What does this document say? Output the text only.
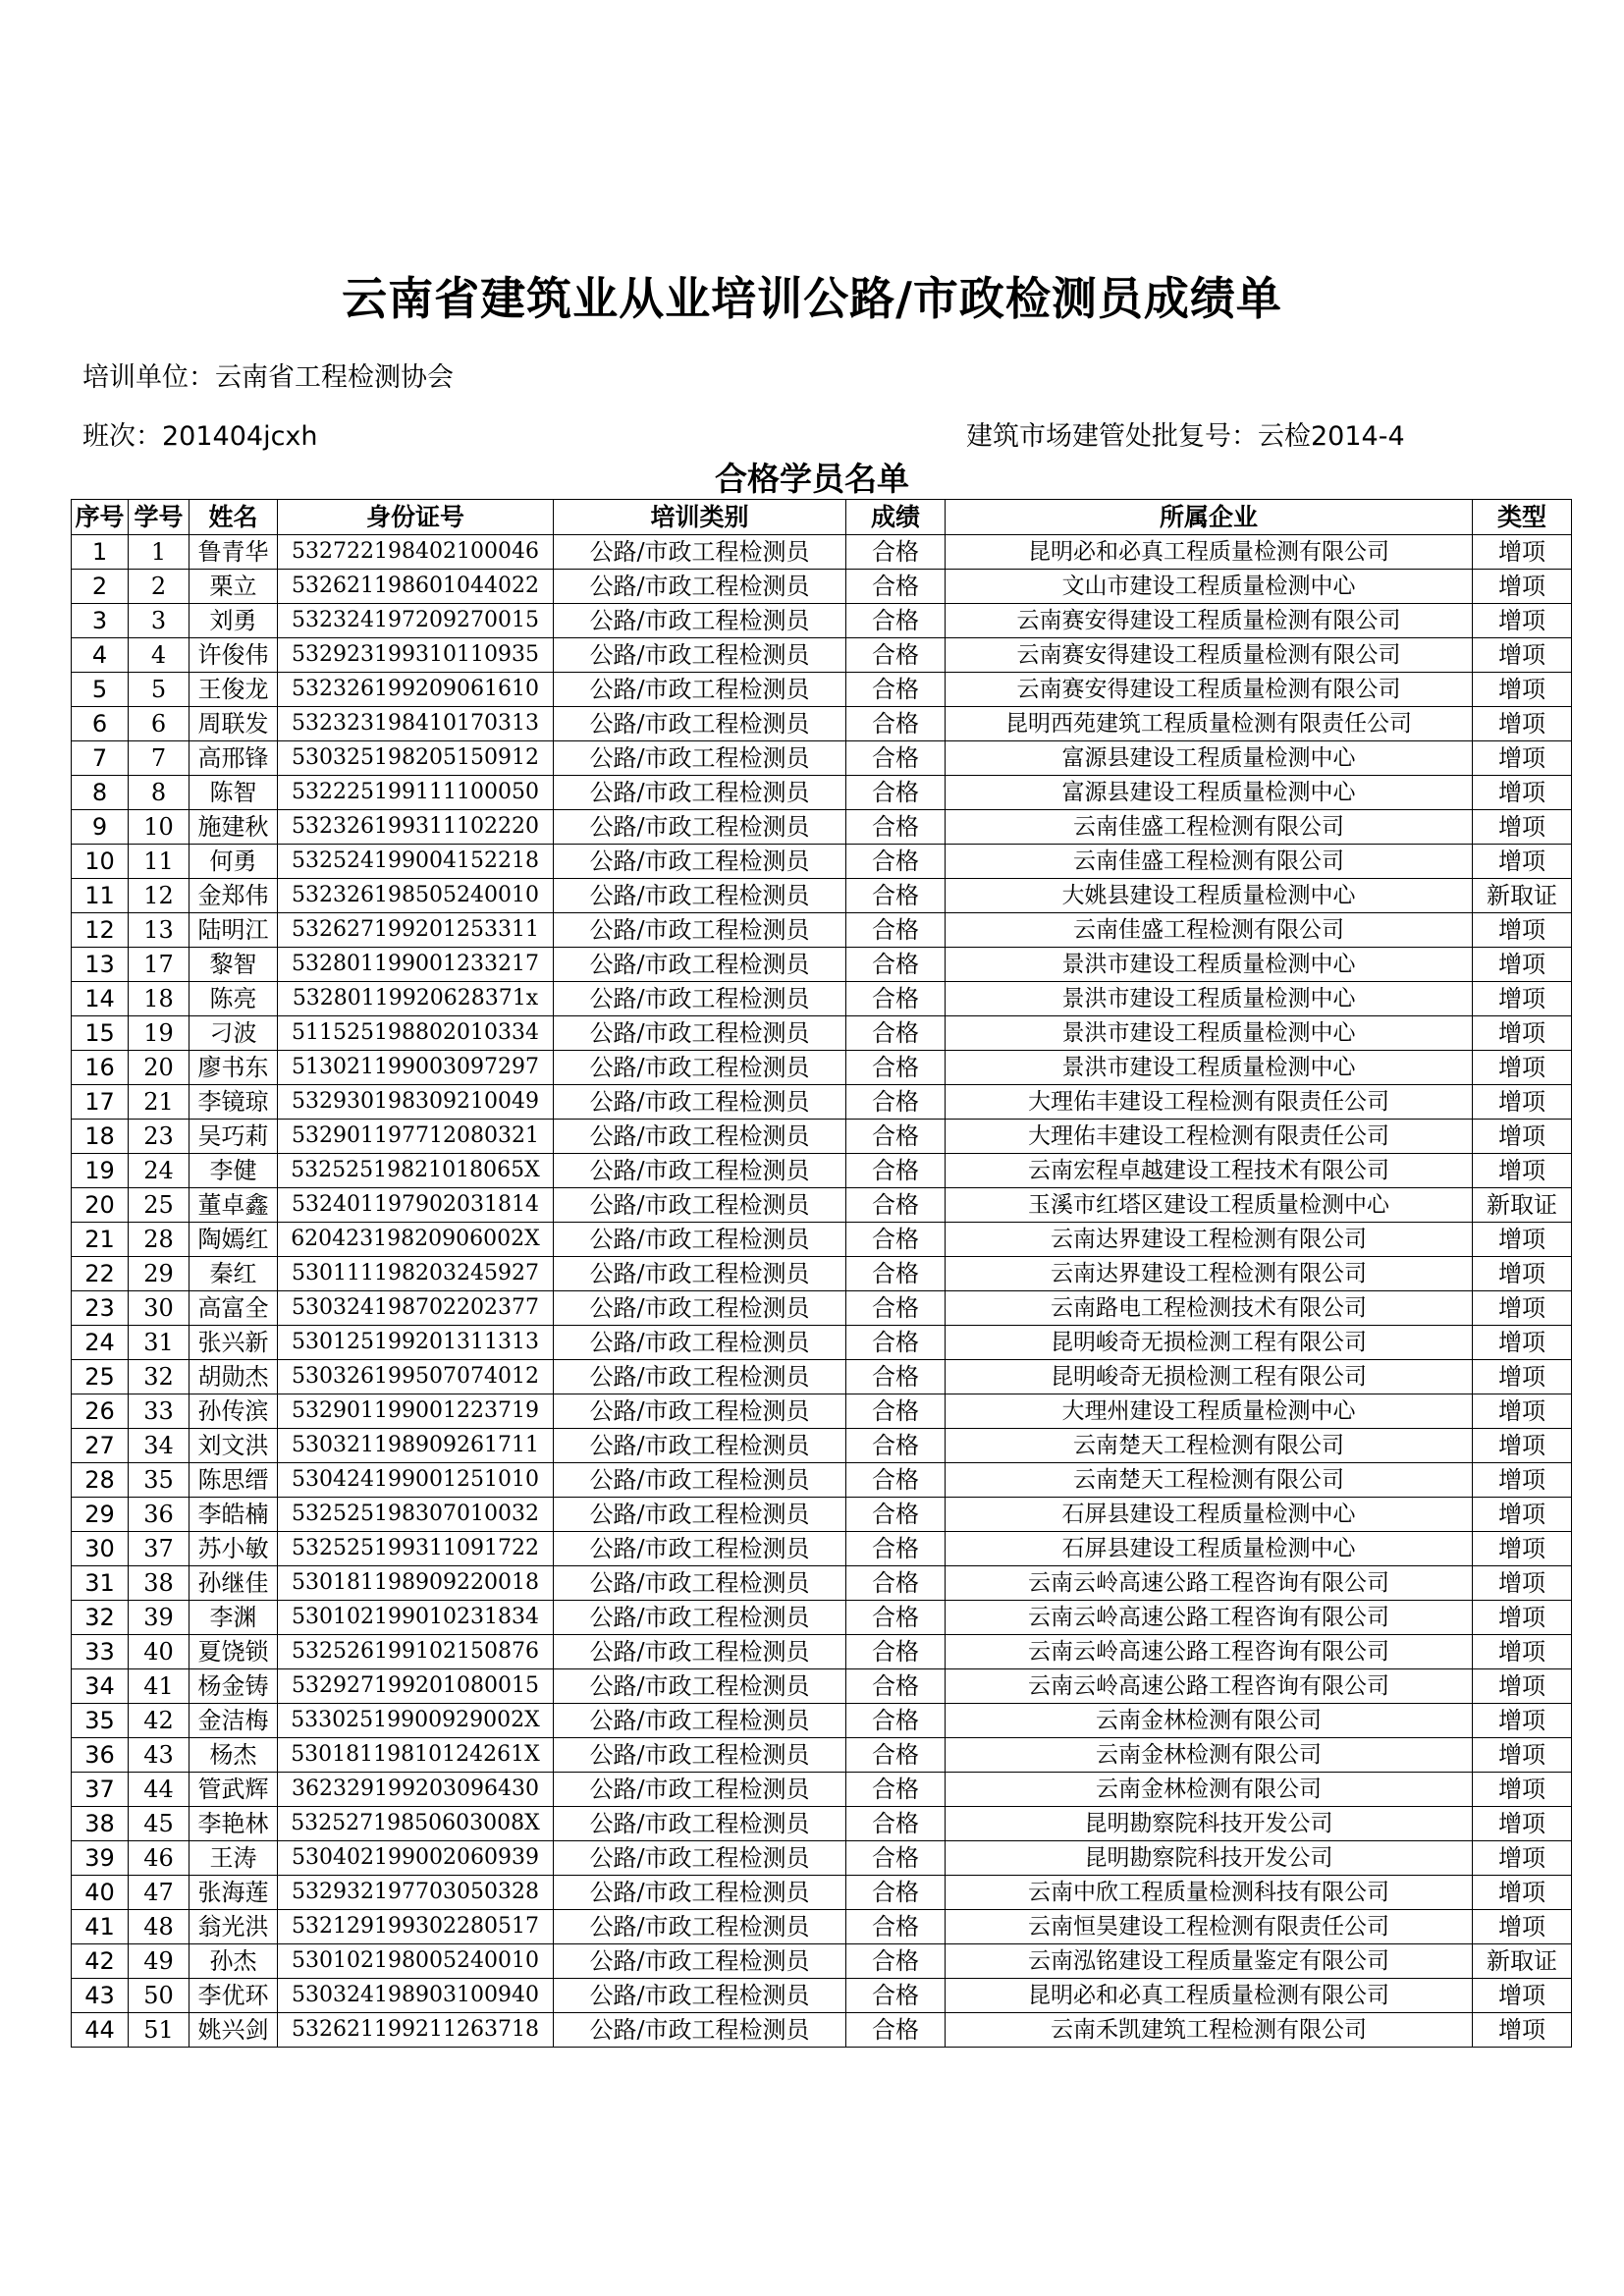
云南省建筑业从业培训公路/市政检测员成绩单
培训单位：云南省工程检测协会
班次：201404jcxh	建筑市场建管处批复号：云检2014-4
合格学员名单
序号	学号	姓名	身份证号	培训类别	成绩	所属企业	类型
1	1	鲁青华	532722198402100046	公路/市政工程检测员	合格	昆明必和必真工程质量检测有限公司	增项
2	2	栗立	532621198601044022	公路/市政工程检测员	合格	文山市建设工程质量检测中心	增项
3	3	刘勇	532324197209270015	公路/市政工程检测员	合格	云南赛安得建设工程质量检测有限公司	增项
4	4	许俊伟	532923199310110935	公路/市政工程检测员	合格	云南赛安得建设工程质量检测有限公司	增项
5	5	王俊龙	532326199209061610	公路/市政工程检测员	合格	云南赛安得建设工程质量检测有限公司	增项
6	6	周联发	532323198410170313	公路/市政工程检测员	合格	昆明西苑建筑工程质量检测有限责任公司	增项
7	7	高邢锋	530325198205150912	公路/市政工程检测员	合格	富源县建设工程质量检测中心	增项
8	8	陈智	532225199111100050	公路/市政工程检测员	合格	富源县建设工程质量检测中心	增项
9	10	施建秋	532326199311102220	公路/市政工程检测员	合格	云南佳盛工程检测有限公司	增项
10	11	何勇	532524199004152218	公路/市政工程检测员	合格	云南佳盛工程检测有限公司	增项
11	12	金郑伟	532326198505240010	公路/市政工程检测员	合格	大姚县建设工程质量检测中心	新取证
12	13	陆明江	532627199201253311	公路/市政工程检测员	合格	云南佳盛工程检测有限公司	增项
13	17	黎智	532801199001233217	公路/市政工程检测员	合格	景洪市建设工程质量检测中心	增项
14	18	陈亮	53280119920628371x	公路/市政工程检测员	合格	景洪市建设工程质量检测中心	增项
15	19	刁波	511525198802010334	公路/市政工程检测员	合格	景洪市建设工程质量检测中心	增项
16	20	廖书东	513021199003097297	公路/市政工程检测员	合格	景洪市建设工程质量检测中心	增项
17	21	李镜琼	532930198309210049	公路/市政工程检测员	合格	大理佑丰建设工程检测有限责任公司	增项
18	23	吴巧莉	532901197712080321	公路/市政工程检测员	合格	大理佑丰建设工程检测有限责任公司	增项
19	24	李健	53252519821018065X	公路/市政工程检测员	合格	云南宏程卓越建设工程技术有限公司	增项
20	25	董卓鑫	532401197902031814	公路/市政工程检测员	合格	玉溪市红塔区建设工程质量检测中心	新取证
21	28	陶嫣红	62042319820906002X	公路/市政工程检测员	合格	云南达界建设工程检测有限公司	增项
22	29	秦红	530111198203245927	公路/市政工程检测员	合格	云南达界建设工程检测有限公司	增项
23	30	高富全	530324198702202377	公路/市政工程检测员	合格	云南路电工程检测技术有限公司	增项
24	31	张兴新	530125199201311313	公路/市政工程检测员	合格	昆明峻奇无损检测工程有限公司	增项
25	32	胡勋杰	530326199507074012	公路/市政工程检测员	合格	昆明峻奇无损检测工程有限公司	增项
26	33	孙传滨	532901199001223719	公路/市政工程检测员	合格	大理州建设工程质量检测中心	增项
27	34	刘文洪	530321198909261711	公路/市政工程检测员	合格	云南楚天工程检测有限公司	增项
28	35	陈思缙	530424199001251010	公路/市政工程检测员	合格	云南楚天工程检测有限公司	增项
29	36	李皓楠	532525198307010032	公路/市政工程检测员	合格	石屏县建设工程质量检测中心	增项
30	37	苏小敏	532525199311091722	公路/市政工程检测员	合格	石屏县建设工程质量检测中心	增项
31	38	孙继佳	530181198909220018	公路/市政工程检测员	合格	云南云岭高速公路工程咨询有限公司	增项
32	39	李渊	530102199010231834	公路/市政工程检测员	合格	云南云岭高速公路工程咨询有限公司	增项
33	40	夏饶锁	532526199102150876	公路/市政工程检测员	合格	云南云岭高速公路工程咨询有限公司	增项
34	41	杨金铸	532927199201080015	公路/市政工程检测员	合格	云南云岭高速公路工程咨询有限公司	增项
35	42	金洁梅	53302519900929002X	公路/市政工程检测员	合格	云南金林检测有限公司	增项
36	43	杨杰	53018119810124261X	公路/市政工程检测员	合格	云南金林检测有限公司	增项
37	44	管武辉	362329199203096430	公路/市政工程检测员	合格	云南金林检测有限公司	增项
38	45	李艳林	53252719850603008X	公路/市政工程检测员	合格	昆明勘察院科技开发公司	增项
39	46	王涛	530402199002060939	公路/市政工程检测员	合格	昆明勘察院科技开发公司	增项
40	47	张海莲	532932197703050328	公路/市政工程检测员	合格	云南中欣工程质量检测科技有限公司	增项
41	48	翁光洪	532129199302280517	公路/市政工程检测员	合格	云南恒昊建设工程检测有限责任公司	增项
42	49	孙杰	530102198005240010	公路/市政工程检测员	合格	云南泓铭建设工程质量鉴定有限公司	新取证
43	50	李优环	530324198903100940	公路/市政工程检测员	合格	昆明必和必真工程质量检测有限公司	增项
44	51	姚兴剑	532621199211263718	公路/市政工程检测员	合格	云南禾凯建筑工程检测有限公司	增项
